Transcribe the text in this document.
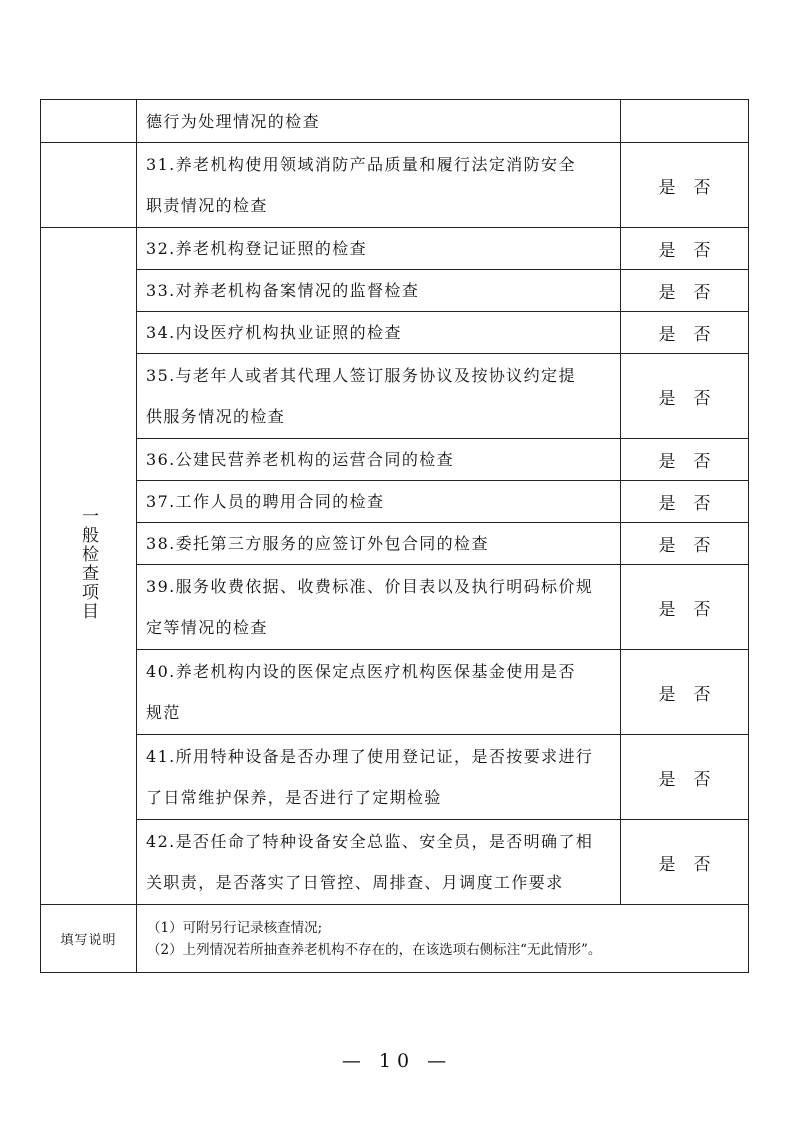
	德行为处理情况的检查	

	31.养老机构使用领域消防产品质量和履行法定消防安全
职责情况的检查	是 否
一般检查项目	32.养老机构登记证照的检查	是 否

	33.对养老机构备案情况的监督检查	是 否

	34.内设医疗机构执业证照的检查	是 否

	35.与老年人或者其代理人签订服务协议及按协议约定提
供服务情况的检查	是 否

	36.公建民营养老机构的运营合同的检查	是 否

	37.工作人员的聘用合同的检查	是 否

	38.委托第三方服务的应签订外包合同的检查	是 否

	39.服务收费依据、收费标准、价目表以及执行明码标价规
定等情况的检查	是 否

	40.养老机构内设的医保定点医疗机构医保基金使用是否
规范	是 否

	41.所用特种设备是否办理了使用登记证，是否按要求进行
了日常维护保养，是否进行了定期检验	是 否

	42.是否任命了特种设备安全总监、安全员，是否明确了相
关职责，是否落实了日管控、周排查、月调度工作要求	是 否
填写说明	（1）可附另行记录核查情况;
（2）上列情况若所抽查养老机构不存在的，在该选项右侧标注“无此情形”。	
— 10 —
